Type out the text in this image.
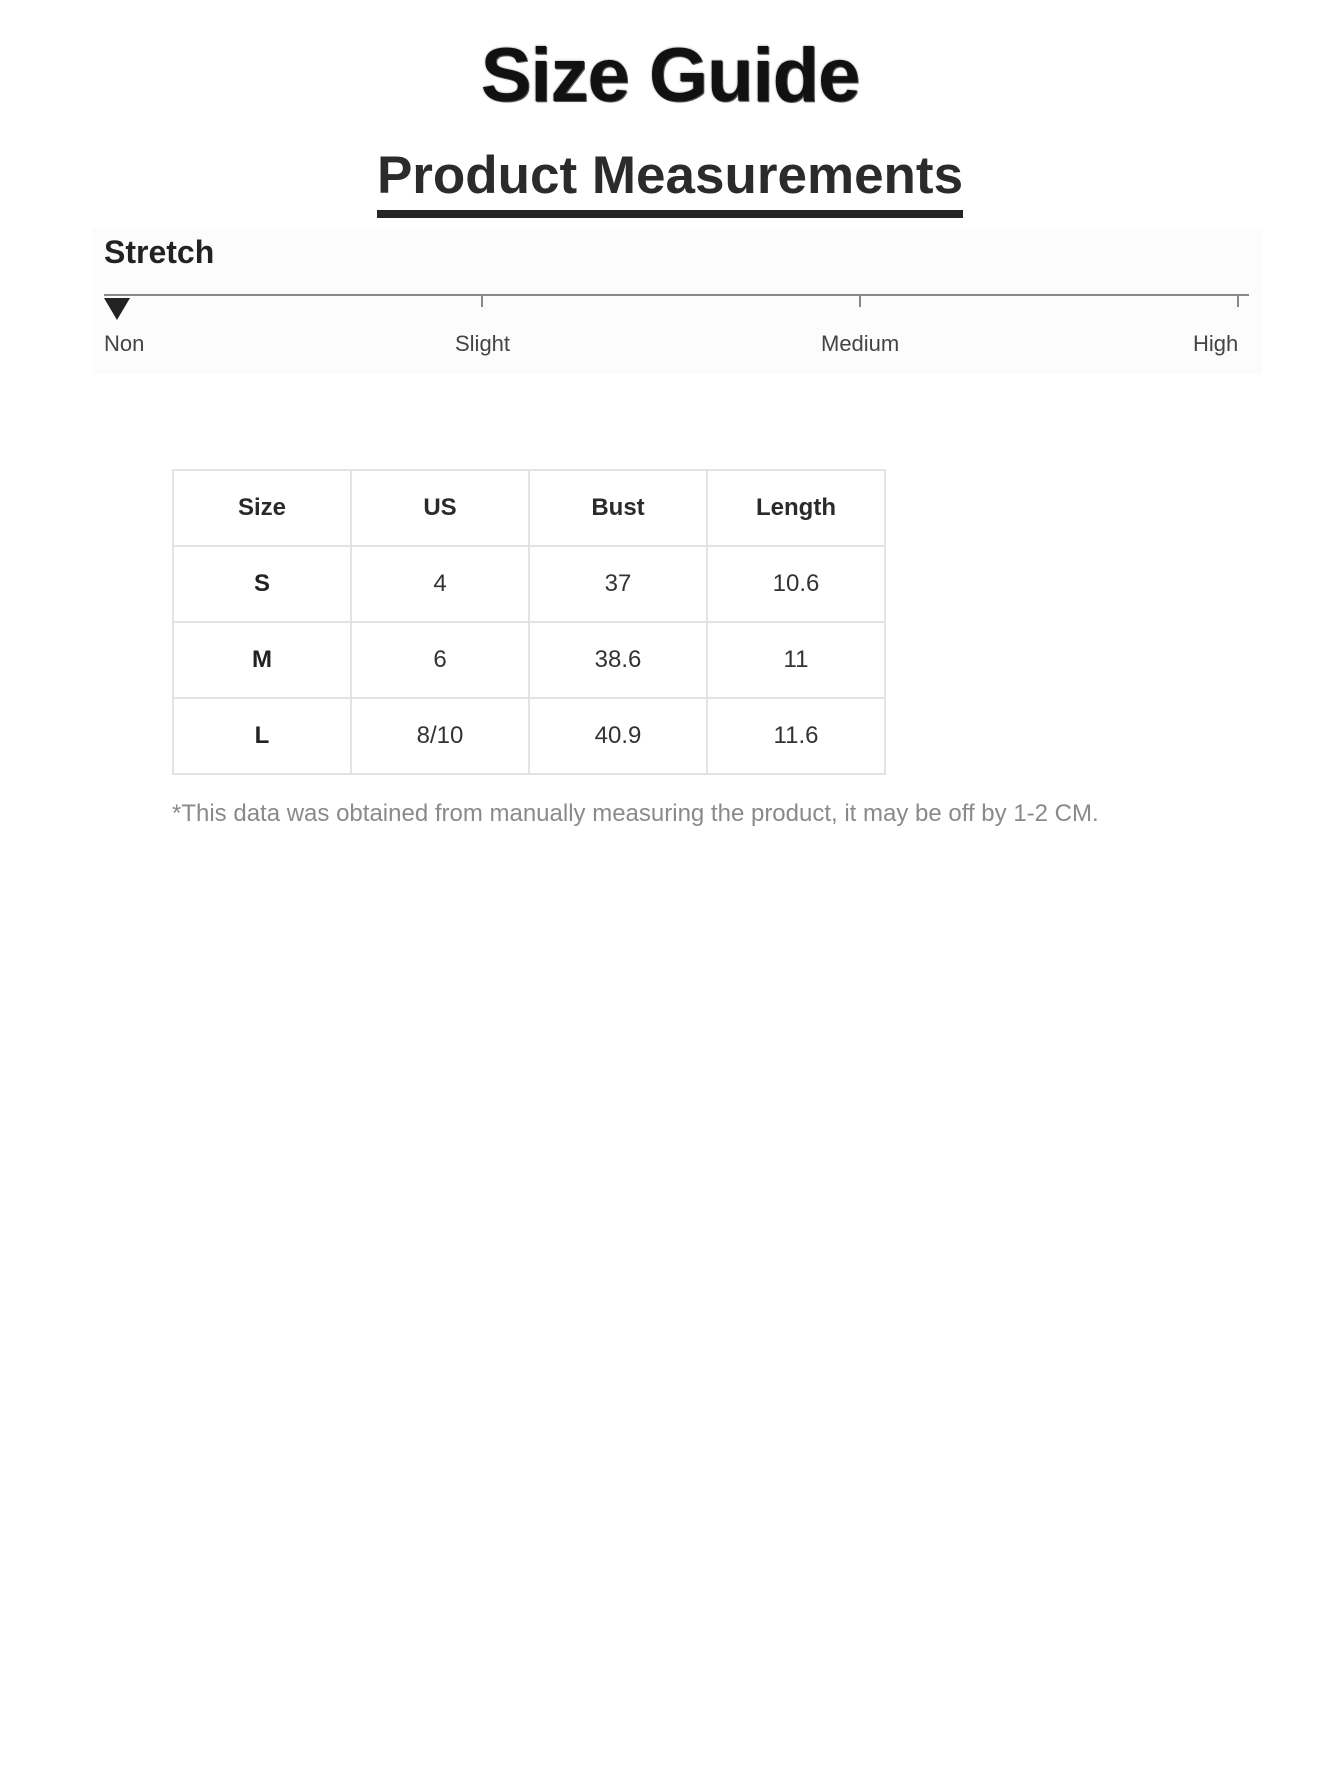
Size Guide
Product Measurements
Stretch
Non	Slight	Medium	High
Size	US	Bust	Length
S	4	37	10.6
M	6	38.6	11
L	8/10	40.9	11.6
*This data was obtained from manually measuring the product, it may be off by 1-2 CM.
